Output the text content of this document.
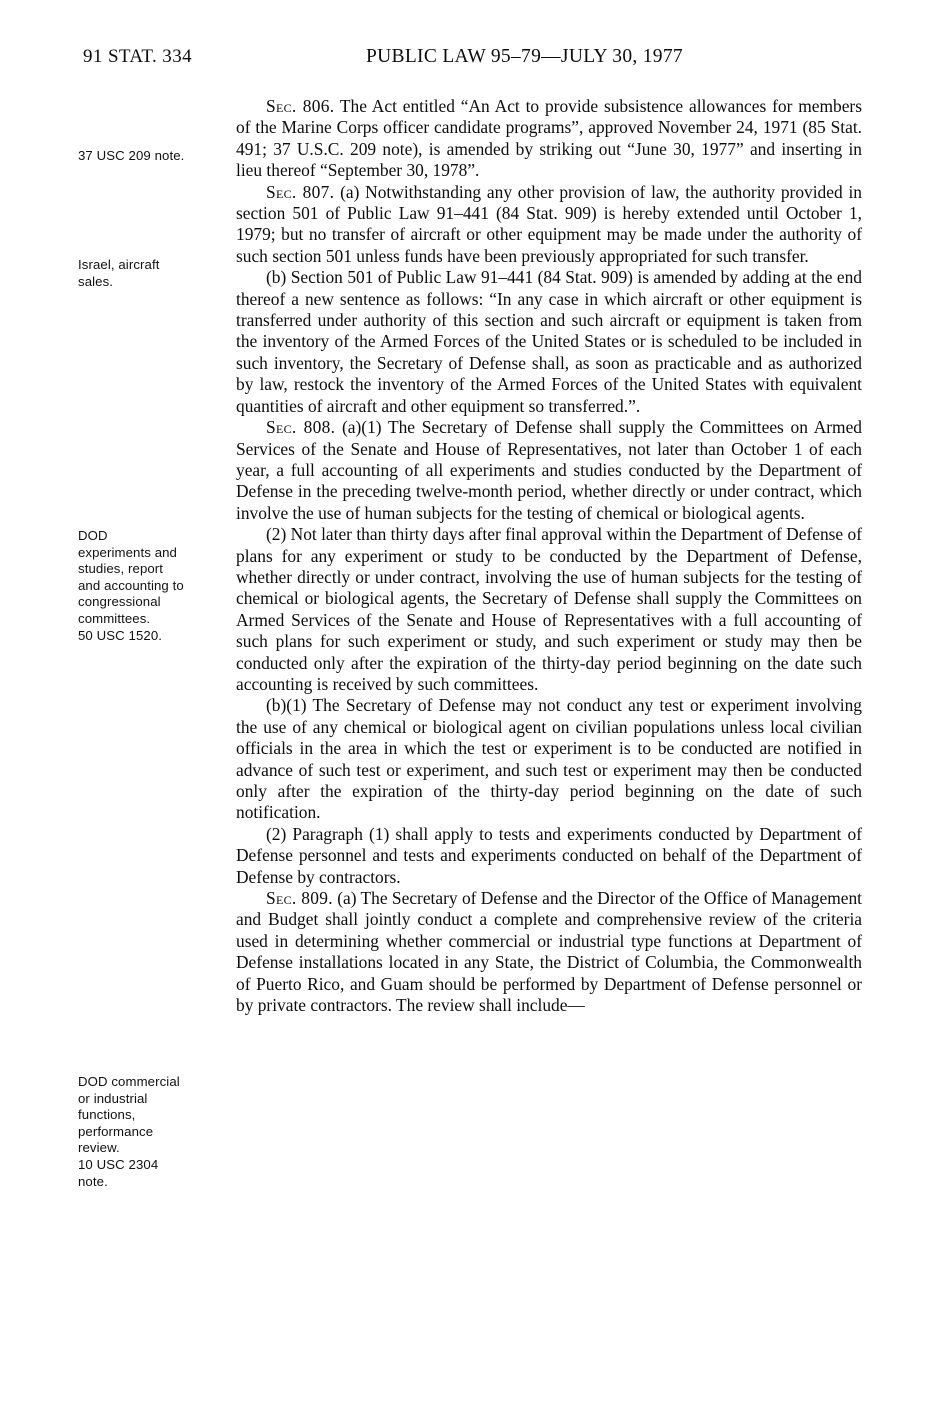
91 STAT. 334	PUBLIC LAW 95–79—JULY 30, 1977
37 USC 209 note.
Israel, aircraft
sales.
DOD
experiments and
studies, report
and accounting to
congressional
committees.
50 USC 1520.
DOD commercial
or industrial
functions,
performance
review.
10 USC 2304
note.

Sec. 806. The Act entitled “An Act to provide subsistence allowances for members of the Marine Corps officer candidate programs”, approved November 24, 1971 (85 Stat. 491; 37 U.S.C. 209 note), is amended by striking out “June 30, 1977” and inserting in lieu thereof “September 30, 1978”.

Sec. 807. (a) Notwithstanding any other provision of law, the authority provided in section 501 of Public Law 91–441 (84 Stat. 909) is hereby extended until October 1, 1979; but no transfer of aircraft or other equipment may be made under the authority of such section 501 unless funds have been previously appropriated for such transfer.

(b) Section 501 of Public Law 91–441 (84 Stat. 909) is amended by adding at the end thereof a new sentence as follows: “In any case in which aircraft or other equipment is transferred under authority of this section and such aircraft or equipment is taken from the inventory of the Armed Forces of the United States or is scheduled to be included in such inventory, the Secretary of Defense shall, as soon as practicable and as authorized by law, restock the inventory of the Armed Forces of the United States with equivalent quantities of aircraft and other equipment so transferred.”.

Sec. 808. (a)(1) The Secretary of Defense shall supply the Committees on Armed Services of the Senate and House of Representatives, not later than October 1 of each year, a full accounting of all experiments and studies conducted by the Department of Defense in the preceding twelve-month period, whether directly or under contract, which involve the use of human subjects for the testing of chemical or biological agents.

(2) Not later than thirty days after final approval within the Department of Defense of plans for any experiment or study to be conducted by the Department of Defense, whether directly or under contract, involving the use of human subjects for the testing of chemical or biological agents, the Secretary of Defense shall supply the Committees on Armed Services of the Senate and House of Representatives with a full accounting of such plans for such experiment or study, and such experiment or study may then be conducted only after the expiration of the thirty-day period beginning on the date such accounting is received by such committees.

(b)(1) The Secretary of Defense may not conduct any test or experiment involving the use of any chemical or biological agent on civilian populations unless local civilian officials in the area in which the test or experiment is to be conducted are notified in advance of such test or experiment, and such test or experiment may then be conducted only after the expiration of the thirty-day period beginning on the date of such notification.

(2) Paragraph (1) shall apply to tests and experiments conducted by Department of Defense personnel and tests and experiments conducted on behalf of the Department of Defense by contractors.

Sec. 809. (a) The Secretary of Defense and the Director of the Office of Management and Budget shall jointly conduct a complete and comprehensive review of the criteria used in determining whether commercial or industrial type functions at Department of Defense installations located in any State, the District of Columbia, the Commonwealth of Puerto Rico, and Guam should be performed by Department of Defense personnel or by private contractors. The review shall include—
